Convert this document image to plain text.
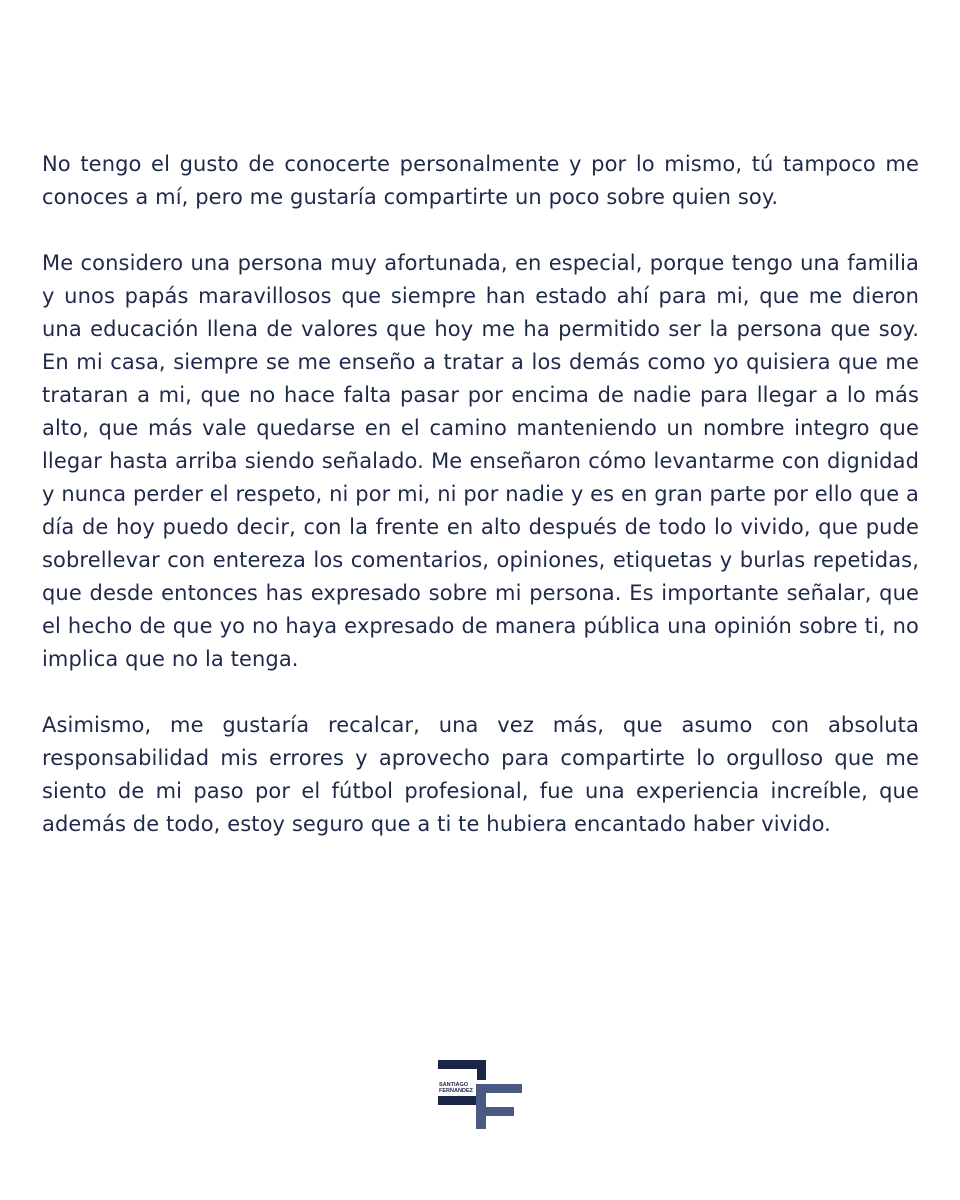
No tengo el gusto de conocerte personalmente y por lo mismo, tú tampoco me conoces a mí, pero me gustaría compartirte un poco sobre quien soy.

Me considero una persona muy afortunada, en especial, porque tengo una familia y unos papás maravillosos que siempre han estado ahí para mi, que me dieron una educación llena de valores que hoy me ha permitido ser la persona que soy. En mi casa, siempre se me enseño a tratar a los demás como yo quisiera que me trataran a mi, que no hace falta pasar por encima de nadie para llegar a lo más alto, que más vale quedarse en el camino manteniendo un nombre integro que llegar hasta arriba siendo señalado. Me enseñaron cómo levantarme con dignidad y nunca perder el respeto, ni por mi, ni por nadie y es en gran parte por ello que a día de hoy puedo decir, con la frente en alto después de todo lo vivido, que pude sobrellevar con entereza los comentarios, opiniones, etiquetas y burlas repetidas, que desde entonces has expresado sobre mi persona. Es importante señalar, que el hecho de que yo no haya expresado de manera pública una opinión sobre ti, no implica que no la tenga.

Asimismo, me gustaría recalcar, una vez más, que asumo con absoluta responsabilidad mis errores y aprovecho para compartirte lo orgulloso que me siento de mi paso por el fútbol profesional, fue una experiencia increíble, que además de todo, estoy seguro que a ti te hubiera encantado haber vivido.

SANTIAGO
FERNANDEZ
